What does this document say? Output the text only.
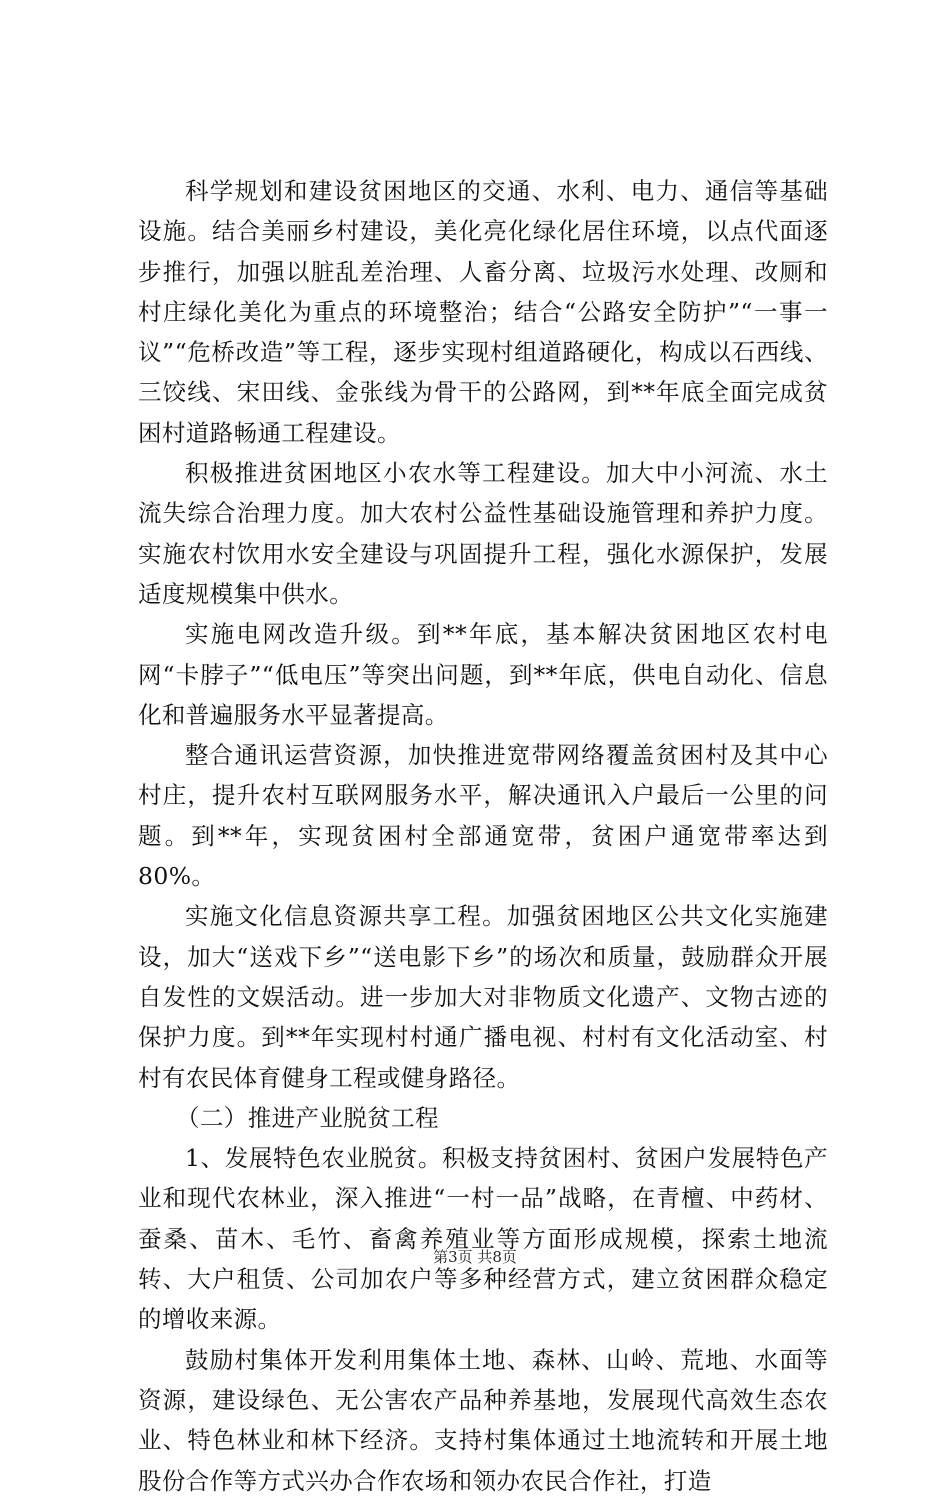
科学规划和建设贫困地区的交通、水利、电力、通信等基础设施。结合美丽乡村建设，美化亮化绿化居住环境，以点代面逐步推行，加强以脏乱差治理、人畜分离、垃圾污水处理、改厕和村庄绿化美化为重点的环境整治；结合“公路安全防护”“一事一议”“危桥改造”等工程，逐步实现村组道路硬化，构成以石西线、三饺线、宋田线、金张线为骨干的公路网，到**年底全面完成贫困村道路畅通工程建设。

积极推进贫困地区小农水等工程建设。加大中小河流、水土流失综合治理力度。加大农村公益性基础设施管理和养护力度。实施农村饮用水安全建设与巩固提升工程，强化水源保护，发展适度规模集中供水。

实施电网改造升级。到**年底，基本解决贫困地区农村电网“卡脖子”“低电压”等突出问题，到**年底，供电自动化、信息化和普遍服务水平显著提高。

整合通讯运营资源，加快推进宽带网络覆盖贫困村及其中心村庄，提升农村互联网服务水平，解决通讯入户最后一公里的问题。到**年，实现贫困村全部通宽带，贫困户通宽带率达到80%。

实施文化信息资源共享工程。加强贫困地区公共文化实施建设，加大“送戏下乡”“送电影下乡”的场次和质量，鼓励群众开展自发性的文娱活动。进一步加大对非物质文化遗产、文物古迹的保护力度。到**年实现村村通广播电视、村村有文化活动室、村村有农民体育健身工程或健身路径。

（二）推进产业脱贫工程

1、发展特色农业脱贫。积极支持贫困村、贫困户发展特色产业和现代农林业，深入推进“一村一品”战略，在青檀、中药材、蚕桑、苗木、毛竹、畜禽养殖业等方面形成规模，探索土地流转、大户租赁、公司加农户等多种经营方式，建立贫困群众稳定的增收来源。

鼓励村集体开发利用集体土地、森林、山岭、荒地、水面等资源，建设绿色、无公害农产品种养基地，发展现代高效生态农业、特色林业和林下经济。支持村集体通过土地流转和开展土地股份合作等方式兴办合作农场和领办农民合作社，打造

第3页 共8页
